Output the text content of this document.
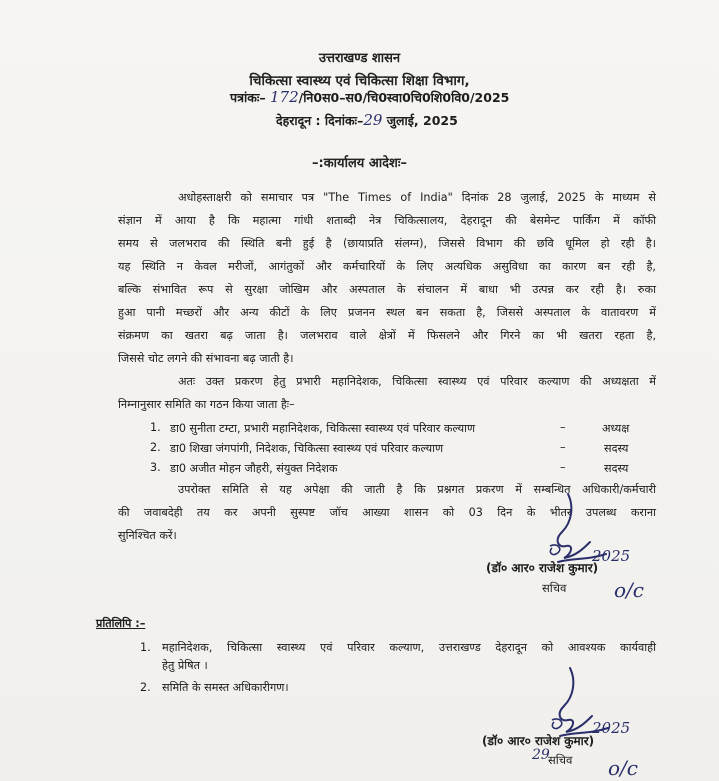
उत्तराखण्ड शासन
चिकित्सा स्वास्थ्य एवं चिकित्सा शिक्षा विभाग,
पत्रांकः– 172/नि0स0–स0/चि0स्वा0चि0शि0वि0/2025
देहरादून : दिनांकः–29 जुलाई, 2025
–:कार्यालय आदेशः–
अधोहस्ताक्षरी को समाचार पत्र "The Times of India" दिनांक 28 जुलाई, 2025 के माध्यम से
संज्ञान में आया है कि महात्मा गांधी शताब्दी नेत्र चिकित्सालय, देहरादून की बेसमेन्ट पार्किंग में कॉफी
समय से जलभराव की स्थिति बनी हुई है (छायाप्रति संलग्न), जिससे विभाग की छवि धूमिल हो रही है।
यह स्थिति न केवल मरीजों, आगंतुकों और कर्मचारियों के लिए अत्यधिक असुविधा का कारण बन रही है,
बल्कि संभावित रूप से सुरक्षा जोखिम और अस्पताल के संचालन में बाधा भी उत्पन्न कर रही है। रुका
हुआ पानी मच्छरों और अन्य कीटों के लिए प्रजनन स्थल बन सकता है, जिससे अस्पताल के वातावरण में
संक्रमण का खतरा बढ़ जाता है। जलभराव वाले क्षेत्रों में फिसलने और गिरने का भी खतरा रहता है,
जिससे चोट लगने की संभावना बढ़ जाती है।
अतः उक्त प्रकरण हेतु प्रभारी महानिदेशक, चिकित्सा स्वास्थ्य एवं परिवार कल्याण की अध्यक्षता में
निम्नानुसार समिति का गठन किया जाता हैः–
1. डा0 सुनीता टम्टा, प्रभारी महानिदेशक, चिकित्सा स्वास्थ्य एवं परिवार कल्याण	–	अध्यक्ष
2. डा0 शिखा जंगपांगी, निदेशक, चिकित्सा स्वास्थ्य एवं परिवार कल्याण	–	सदस्य
3. डा0 अजीत मोहन जौहरी, संयुक्त निदेशक	–	सदस्य
उपरोक्त समिति से यह अपेक्षा की जाती है कि प्रश्नगत प्रकरण में सम्बन्धित अधिकारी/कर्मचारी
की जवाबदेही तय कर अपनी सुस्पष्ट जॉच आख्या शासन को 03 दिन के भीतर उपलब्ध कराना
सुनिश्चित करें।
2025
(डॉ० आर० राजेश कुमार)
सचिव o/c
प्रतिलिपि :–
1. महानिदेशक, चिकित्सा स्वास्थ्य एवं परिवार कल्याण, उत्तराखण्ड देहरादून को आवश्यक कार्यवाही
हेतु प्रेषित ।
2. समिति के समस्त अधिकारीगण।
2025
(डॉ० आर० राजेश कुमार)
29
सचिव o/c
